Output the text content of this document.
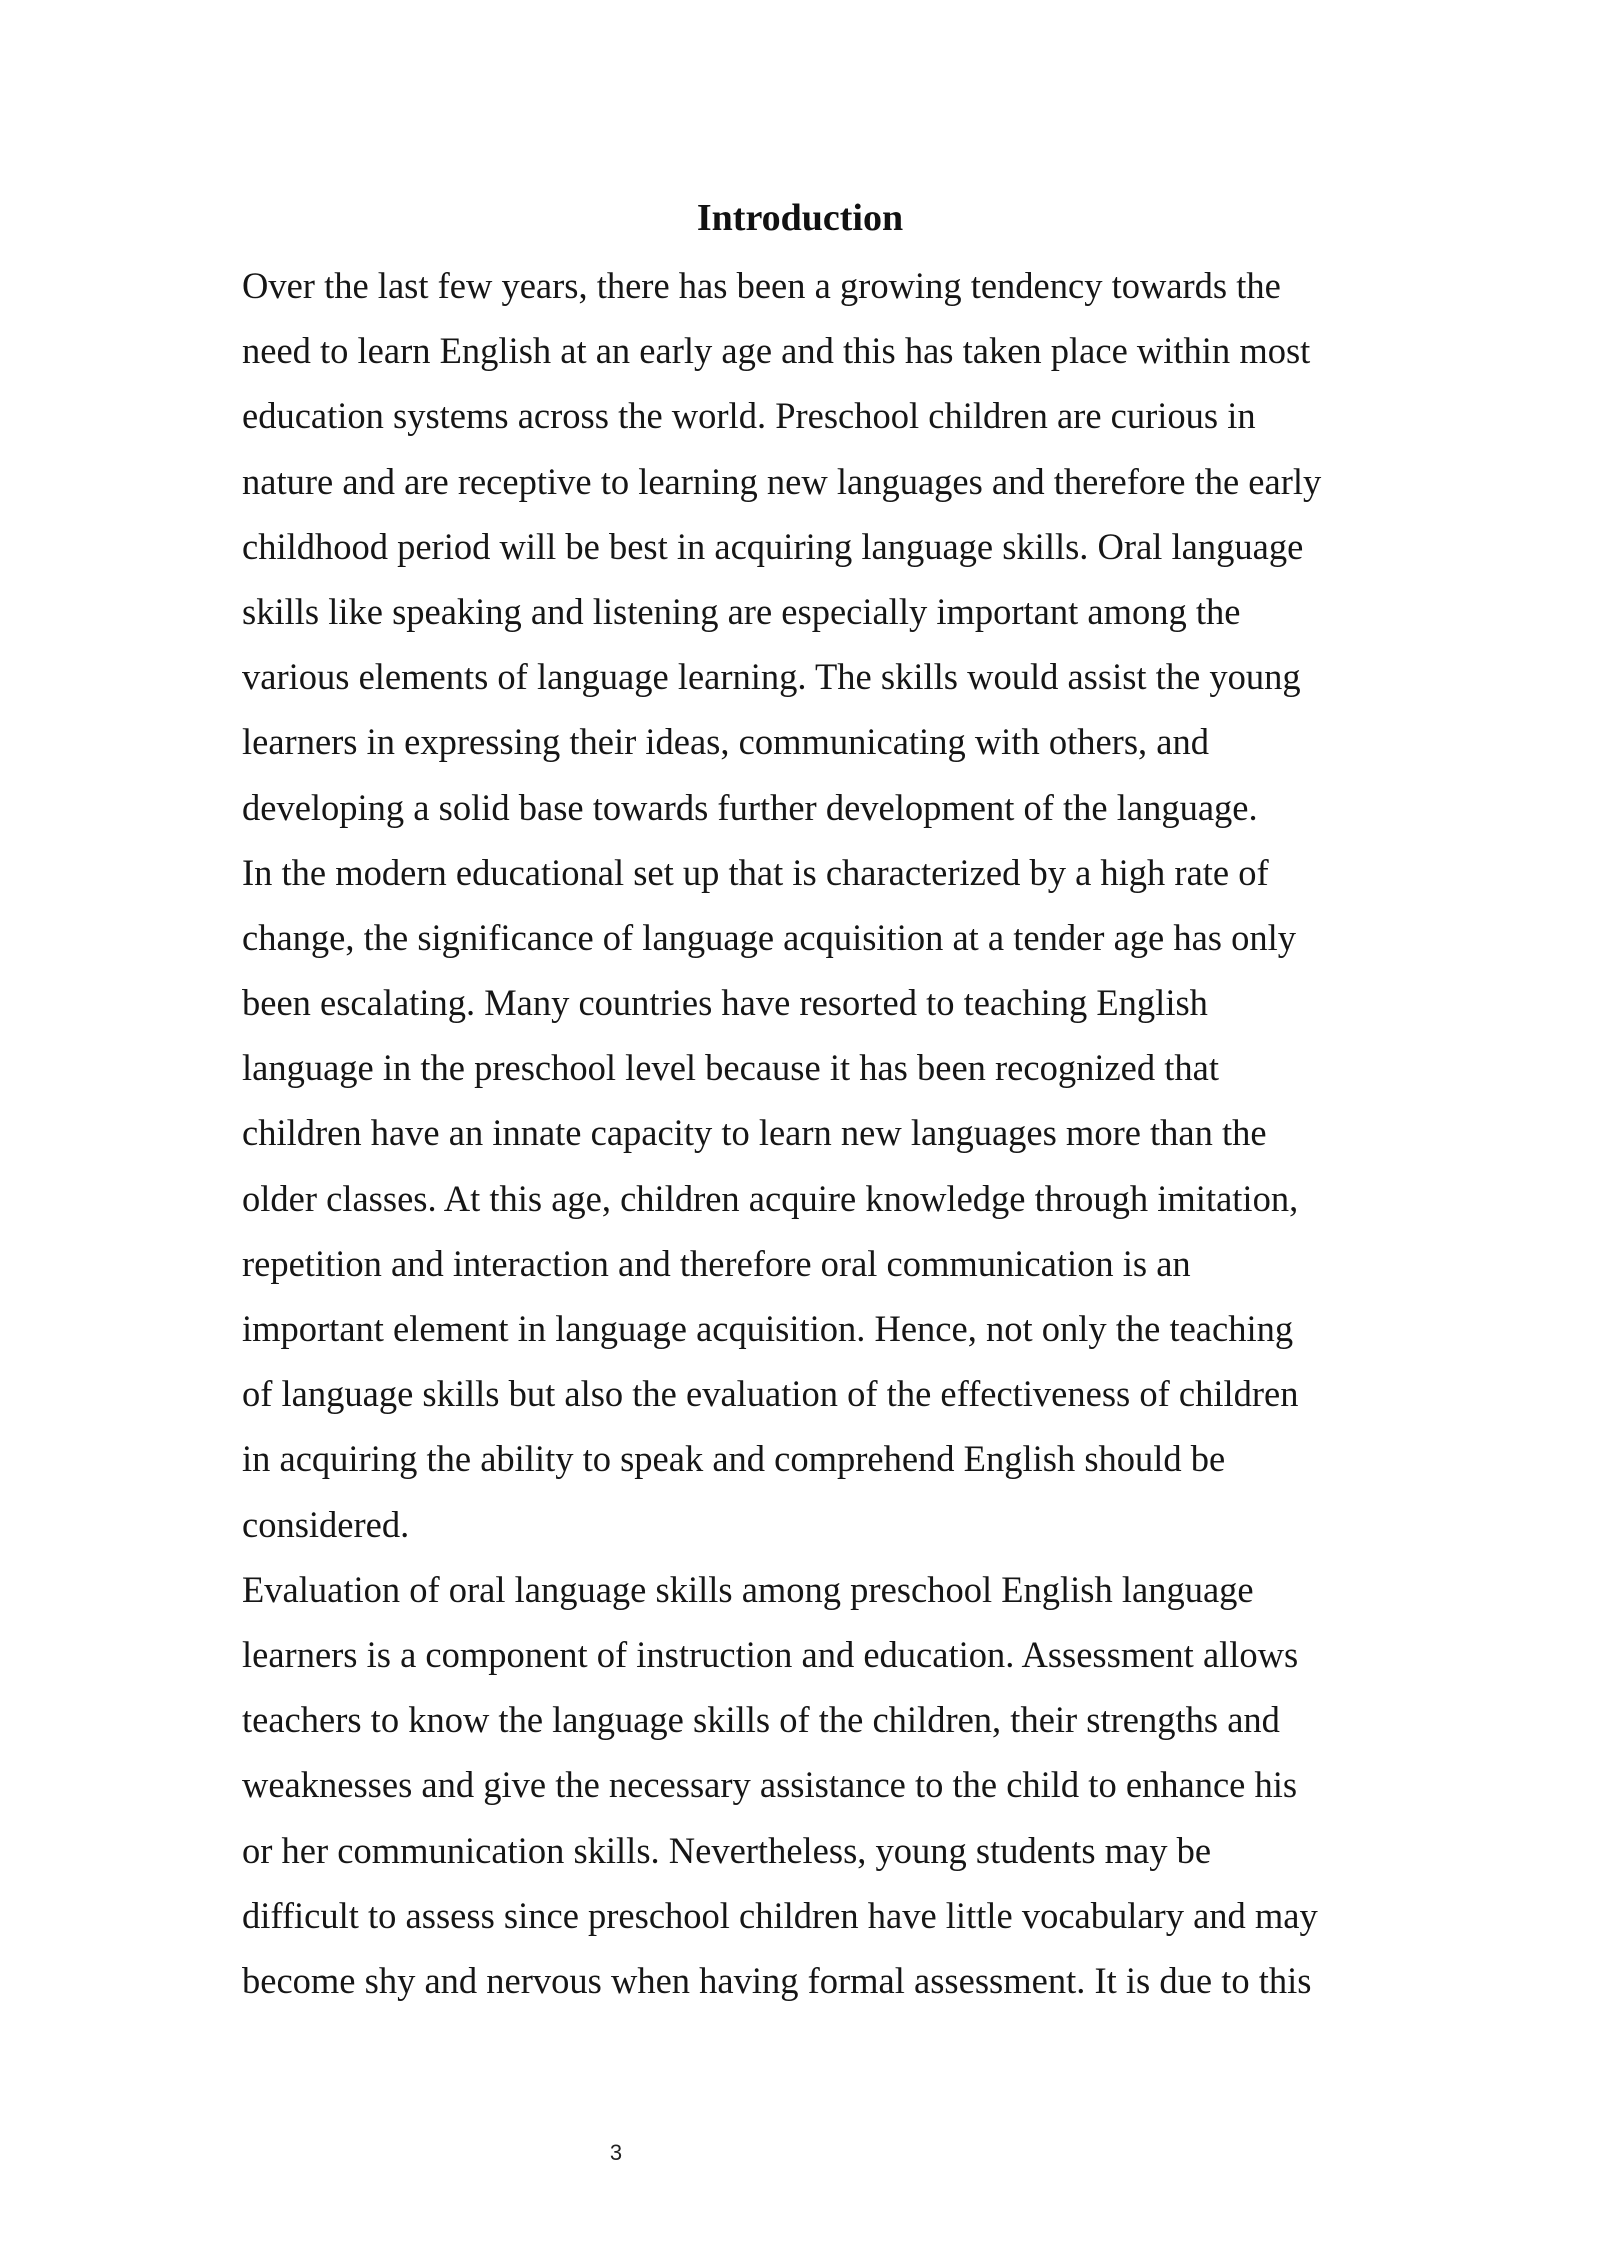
Introduction
Over the last few years, there has been a growing tendency towards the
need to learn English at an early age and this has taken place within most
education systems across the world. Preschool children are curious in
nature and are receptive to learning new languages and therefore the early
childhood period will be best in acquiring language skills. Oral language
skills like speaking and listening are especially important among the
various elements of language learning. The skills would assist the young
learners in expressing their ideas, communicating with others, and
developing a solid base towards further development of the language.
In the modern educational set up that is characterized by a high rate of
change, the significance of language acquisition at a tender age has only
been escalating. Many countries have resorted to teaching English
language in the preschool level because it has been recognized that
children have an innate capacity to learn new languages more than the
older classes. At this age, children acquire knowledge through imitation,
repetition and interaction and therefore oral communication is an
important element in language acquisition. Hence, not only the teaching
of language skills but also the evaluation of the effectiveness of children
in acquiring the ability to speak and comprehend English should be
considered.
Evaluation of oral language skills among preschool English language
learners is a component of instruction and education. Assessment allows
teachers to know the language skills of the children, their strengths and
weaknesses and give the necessary assistance to the child to enhance his
or her communication skills. Nevertheless, young students may be
difficult to assess since preschool children have little vocabulary and may
become shy and nervous when having formal assessment. It is due to this
3
